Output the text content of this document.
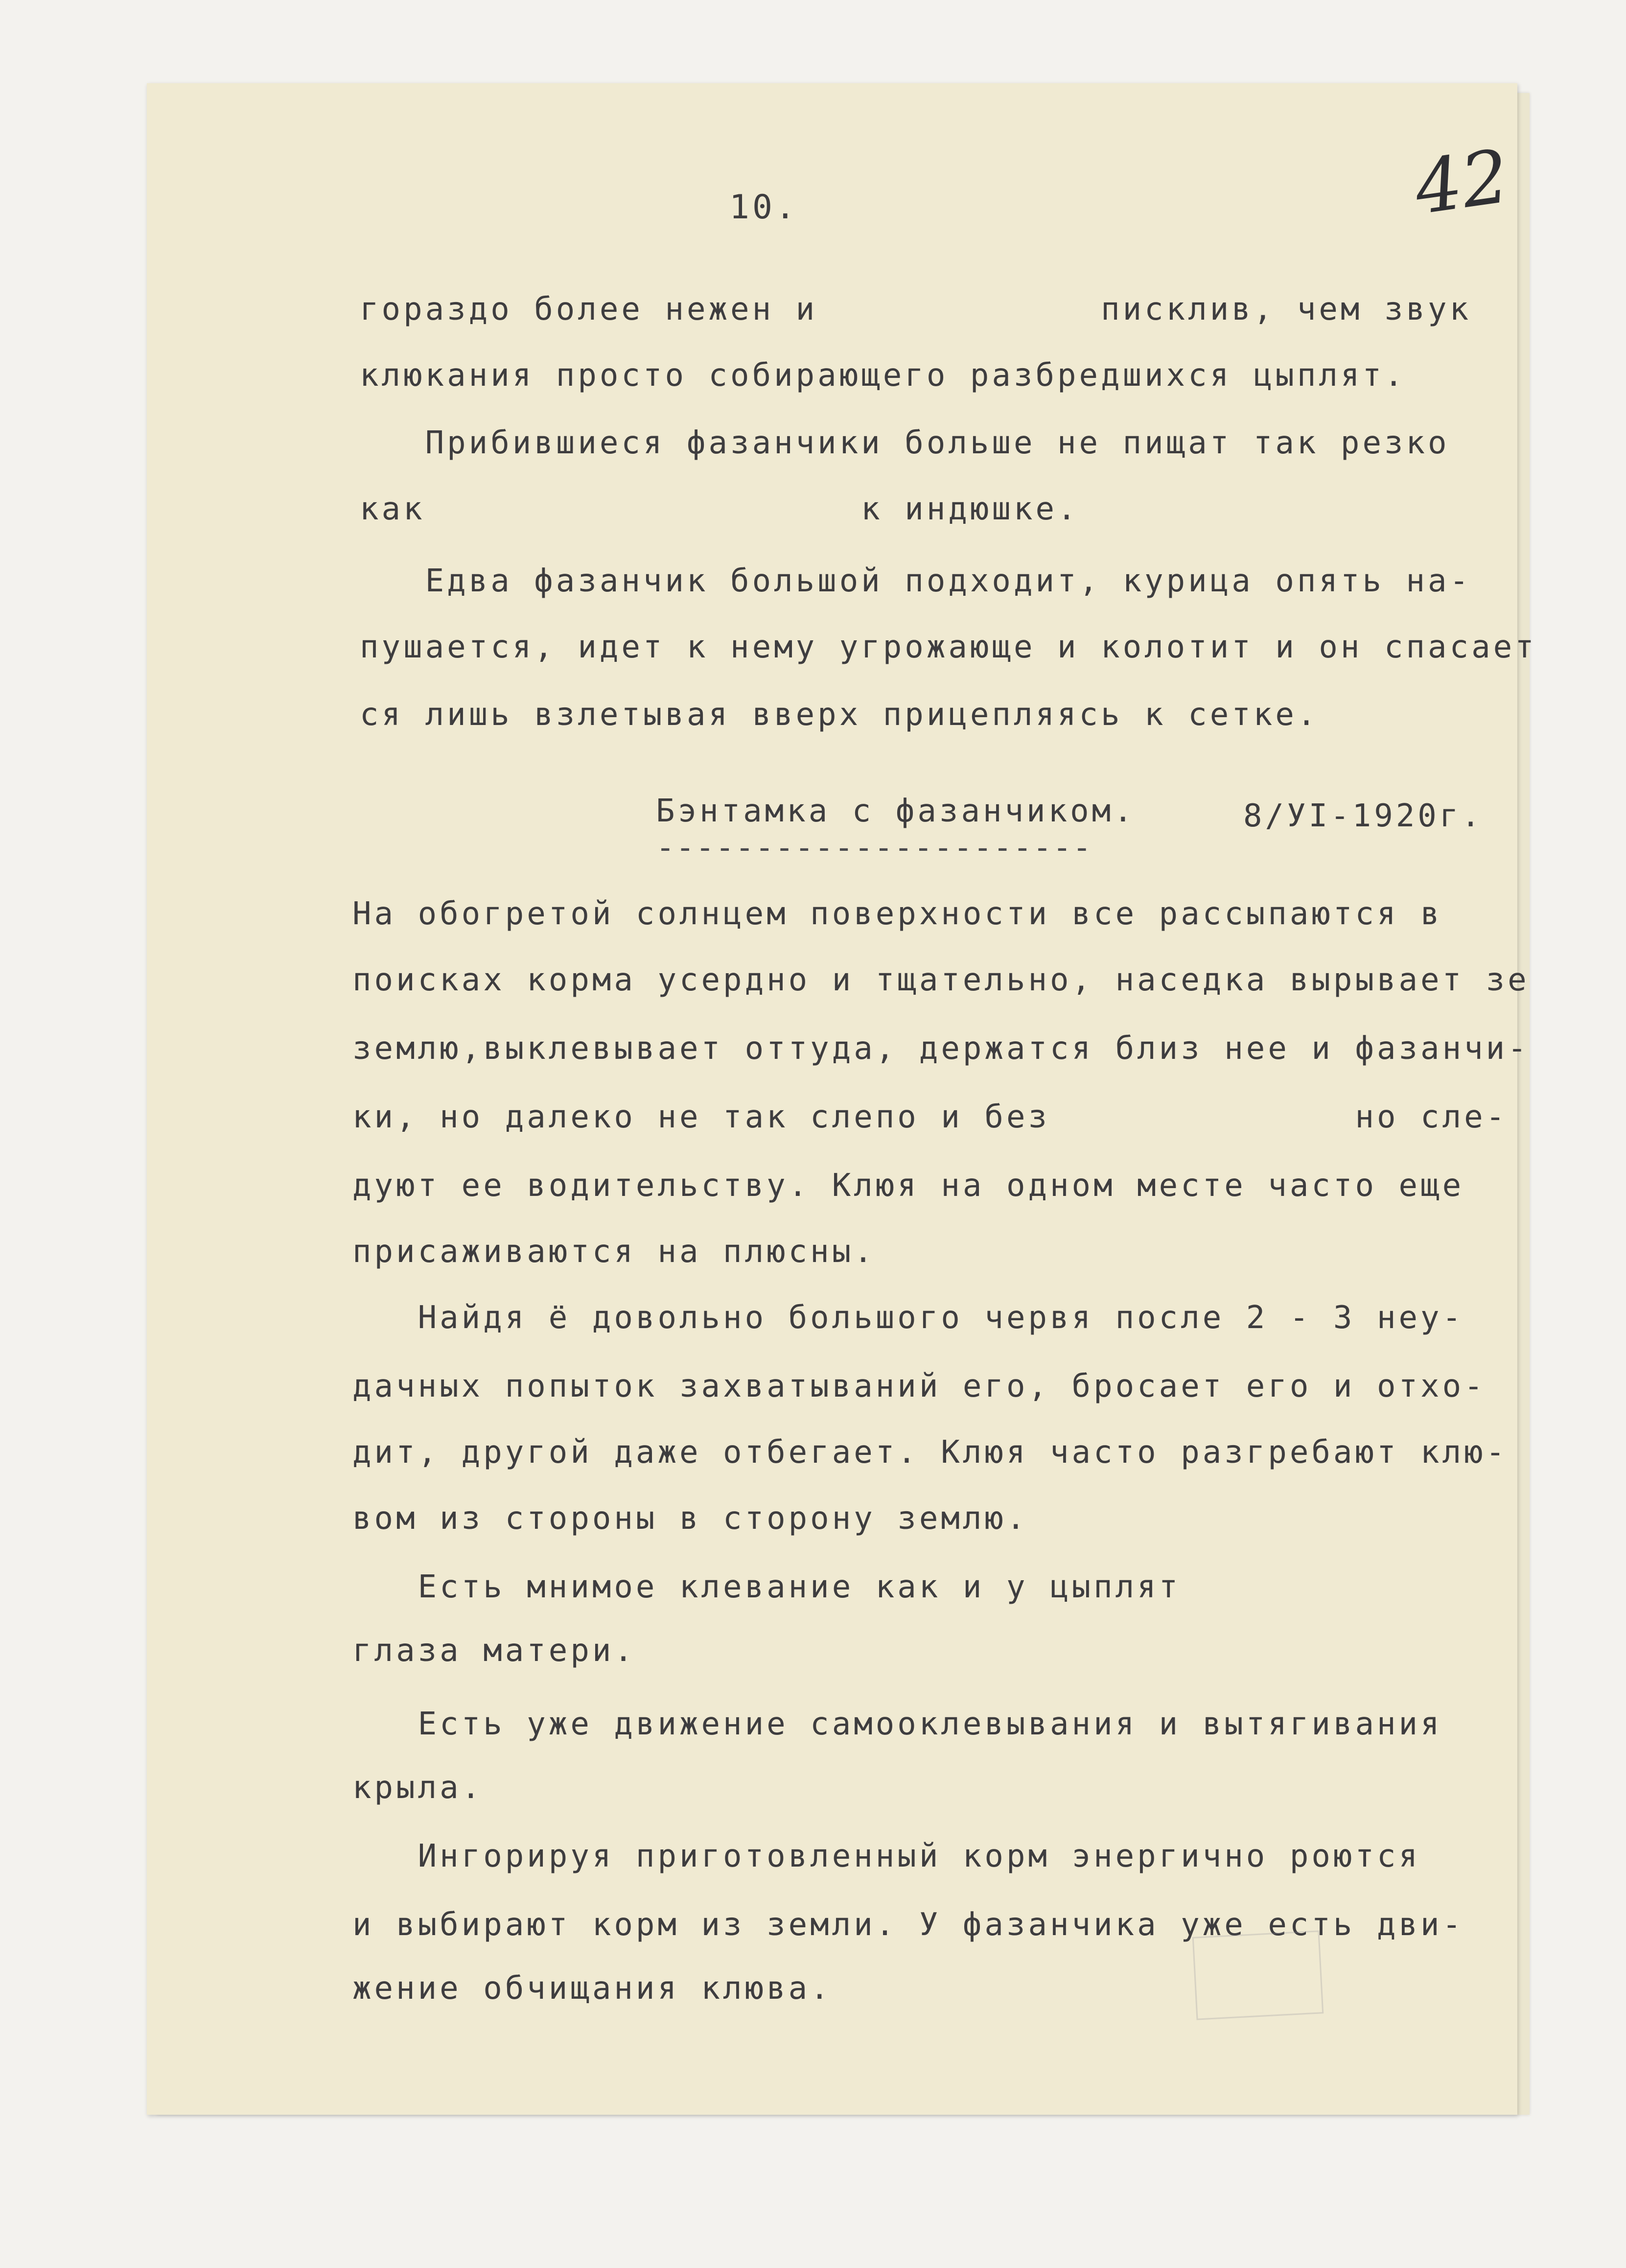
10.	42
гораздо более нежен и             писклив, чем звук
клюкания просто собирающего разбредшихся цыплят.
Прибившиеся фазанчики больше не пищат так резко
как                    к индюшке.
Едва фазанчик большой подходит, курица опять на-
пушается, идет к нему угрожающе и колотит и он спасает
ся лишь взлетывая вверх прицепляясь к сетке.
Бэнтамка с фазанчиком.	8/УI-1920г.
----------------------
На обогретой солнцем поверхности все рассыпаются в
поисках корма усердно и тщательно, наседка вырывает зе
землю,выклевывает оттуда, держатся близ нее и фазанчи-
ки, но далеко не так слепо и без              но сле-
дуют ее водительству. Клюя на одном месте часто еще
присаживаются на плюсны.
Найдя ё довольно большого червя после 2 - 3 неу-
дачных попыток захватываний его, бросает его и отхо-
дит, другой даже отбегает. Клюя часто разгребают клю-
вом из стороны в сторону землю.
Есть мнимое клевание как и у цыплят
глаза матери.
Есть уже движение самооклевывания и вытягивания
крыла.
Ингорируя приготовленный корм энергично роются
и выбирают корм из земли. У фазанчика уже есть дви-
жение обчищания клюва.
